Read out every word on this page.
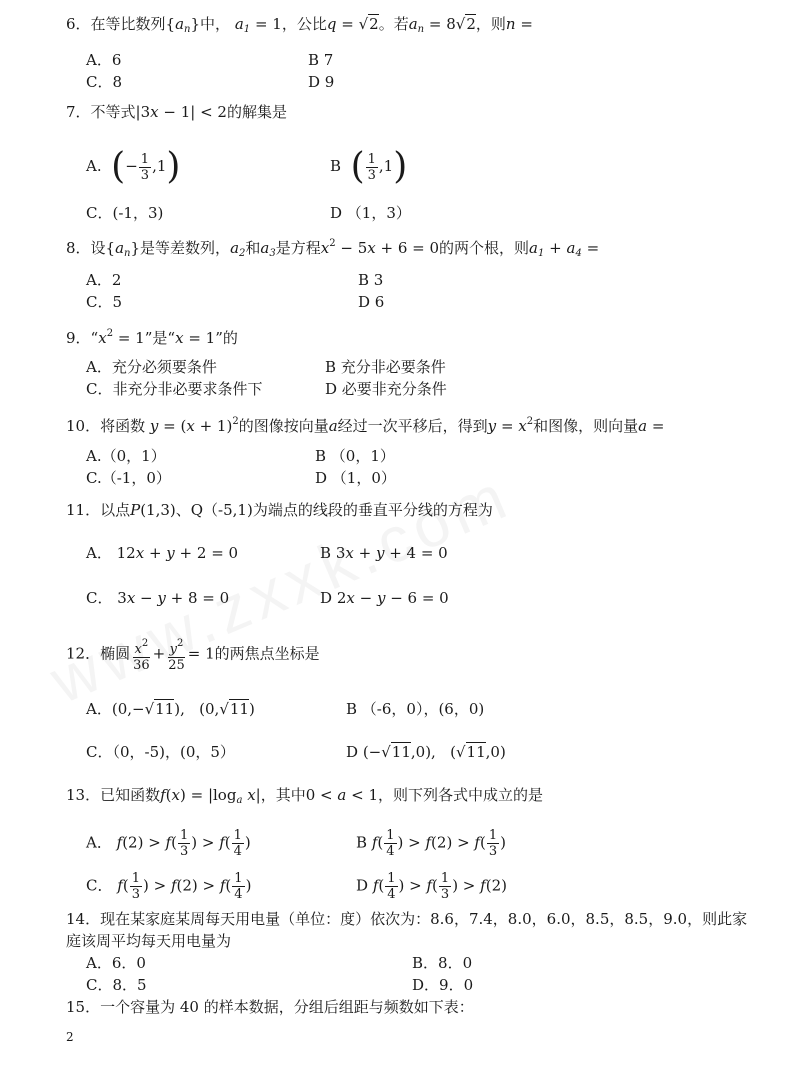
6．在等比数列$\{a_n\}$中， $a_1 = 1$，公比q = √2。若$a_n = 8√2$，则n =
A．6	B 7
C．8	D 9
7．不等式|3x − 1| < 2的解集是
A. (− $\frac{1}{3} ,1$)	B ( $\frac{1}{3} ,1$)
C．(-1，3)	D （1，3）
8．设$\{a_n\}$是等差数列，$a_2$和$a_3$是方程$x^2 - 5x + 6 = 0$的两个根，则$a_1 + a_4$ =
A．2	B 3
C．5	D 6
9．“$x^2 = 1$”是“x = 1”的
A．充分必须要条件	B 充分非必要条件
C．非充分非必要求条件下	D 必要非充分条件
10．将函数 $y = (x + 1)^2$的图像按向量a经过一次平移后，得到$y = x^2$和图像，则向量a =
A.（0，1）	B （0，1）
C.（-1，0）	D （1，0）
11．以点P(1,3)、Q（-5,1)为端点的线段的垂直平分线的方程为
A． 12x + y + 2 = 0	B 3x + y + 4 = 0
C． 3x − y + 8 = 0	D 2x − y − 6 = 0
12．椭圆 $\frac{x^2}{36} + \frac{y^2}{25} = 1$的两焦点坐标是
A．(0,−√11),   (0,√11)	B （-6，0），(6，0)
C．（0，-5)，(0，5）	D (−√11,0),   (√11,0)
13．已知函数$f(x) = |\log_a$ x|，其中0 < a < 1，则下列各式中成立的是
A． $f(2) > f( \frac{1}{3}$ ) > $f( \frac{1}{4}$ )	B $f( \frac{1}{4}$ ) > $f(2) > f( \frac{1}{3}$ )
C． $f( \frac{1}{3}$ ) > $f(2) > f( \frac{1}{4}$ )	D $f( \frac{1}{4}$ ) > $f( \frac{1}{3}$ ) > f(2)
14．现在某家庭某周每天用电量（单位：度）依次为：8.6，7.4，8.0，6.0，8.5，8.5，9.0，则此家庭该周平均每天用电量为
A．6．0	B．8．0
C．8．5	D．9．0
15．一个容量为 40 的样本数据，分组后组距与频数如下表：
2
